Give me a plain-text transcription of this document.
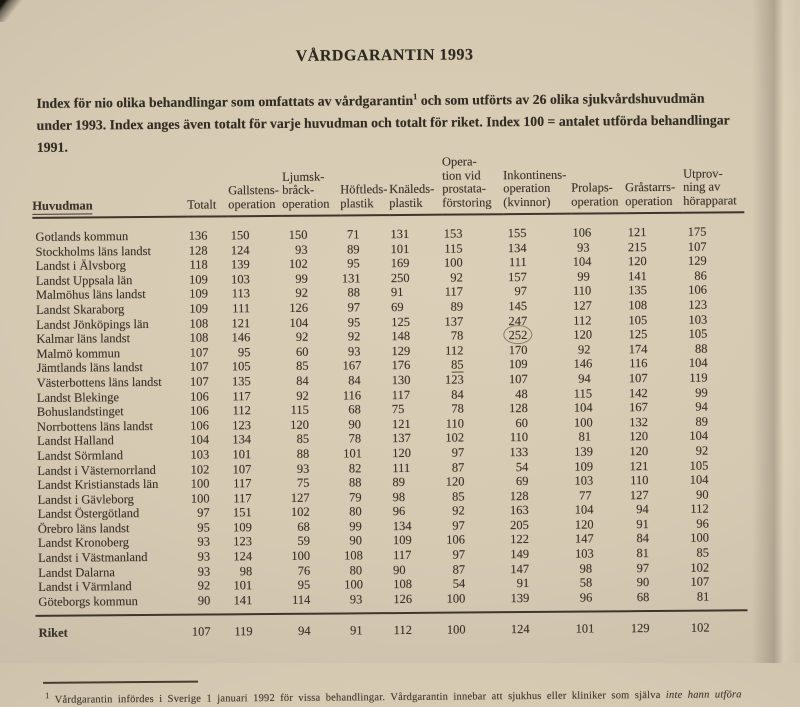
VÅRDGARANTIN 1993

Index för nio olika behandlingar som omfattats av vårdgarantin$^1$ och som utförts av 26 olika sjukvårdshuvudmän
under 1993. Index anges även totalt för varje huvudman och totalt för riket. Index 100 = antalet utförda behandlingar
1991.

Huvudman	Totalt	Gallstens-
operation	Ljumsk-
bråck-
operation	Höftleds-
plastik	Knäleds-
plastik	Opera-
tion vid
prostata-
förstoring	Inkontinens-
operation
(kvinnor)	Prolaps-
operation	Gråstarrs-
operation	Utprov-
ning av
hörapparat
Gotlands kommun	136	150	150	71	131	153	155	106	121	175
Stockholms läns landst	128	124	93	89	101	115	134	93	215	107
Landst i Älvsborg	118	139	102	95	169	100	111	104	120	129
Landst Uppsala län	109	103	99	131	250	92	157	99	141	86
Malmöhus läns landst	109	113	92	88	91	117	97	110	135	106
Landst Skaraborg	109	111	126	97	69	89	145	127	108	123
Landst Jönköpings län	108	121	104	95	125	137	247	112	105	103
Kalmar läns landst	108	146	92	92	148	78	252	120	125	105
Malmö kommun	107	95	60	93	129	112	170	92	174	88
Jämtlands läns landst	107	105	85	167	176	85	109	146	116	104
Västerbottens läns landst	107	135	84	84	130	123	107	94	107	119
Landst Blekinge	106	117	92	116	117	84	48	115	142	99
Bohuslandstinget	106	112	115	68	75	78	128	104	167	94
Norrbottens läns landst	106	123	120	90	121	110	60	100	132	89
Landst Halland	104	134	85	78	137	102	110	81	120	104
Landst Sörmland	103	101	88	101	120	97	133	139	120	92
Landst i Västernorrland	102	107	93	82	111	87	54	109	121	105
Landst Kristianstads län	100	117	75	88	89	120	69	103	110	104
Landst i Gävleborg	100	117	127	79	98	85	128	77	127	90
Landst Östergötland	97	151	102	80	96	92	163	104	94	112
Örebro läns landst	95	109	68	99	134	97	205	120	91	96
Landst Kronoberg	93	123	59	90	109	106	122	147	84	100
Landst i Västmanland	93	124	100	108	117	97	149	103	81	85
Landst Dalarna	93	98	76	80	90	87	147	98	97	102
Landst i Värmland	92	101	95	100	108	54	91	58	90	107
Göteborgs kommun	90	141	114	93	126	100	139	96	68	81
Riket	107	119	94	91	112	100	124	101	129	102

$^1$ Vårdgarantin infördes i Sverige 1 januari 1992 för vissa behandlingar. Vårdgarantin innebar att sjukhus eller kliniker som själva inte hann utföra
